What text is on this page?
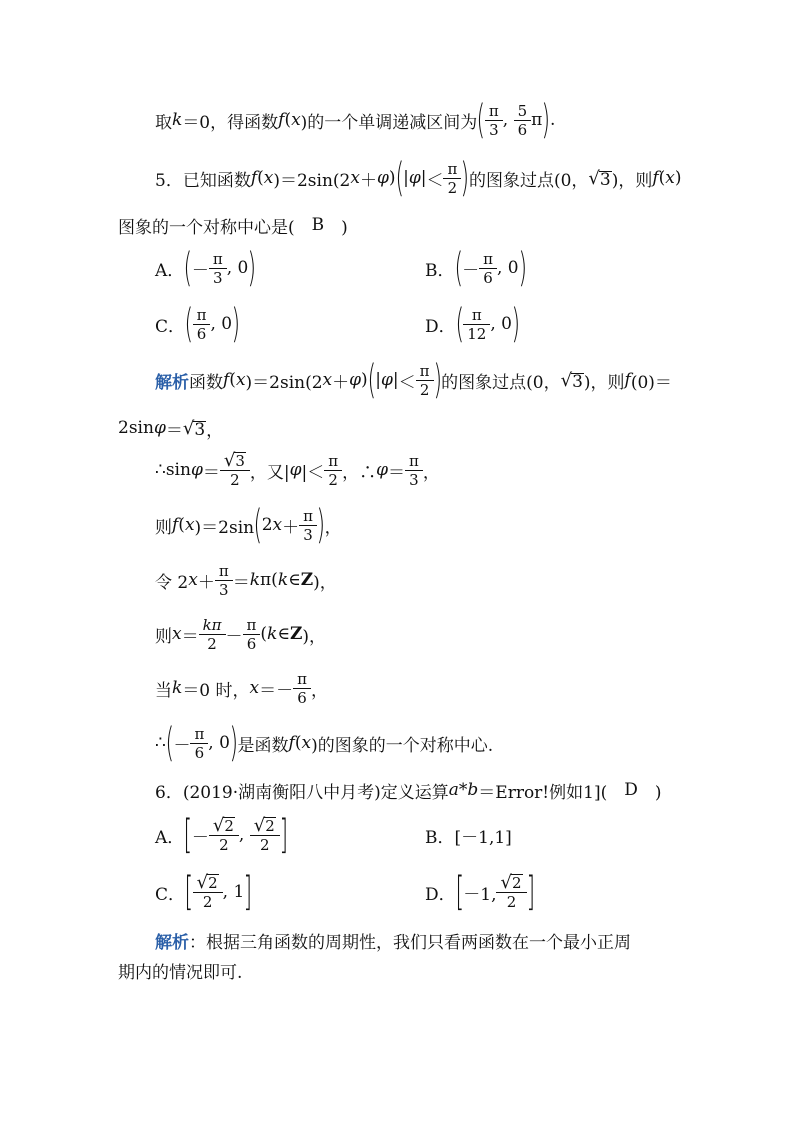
取 k ＝0，得函数 f ( x )的一个单调递减区间为 ( $\frac{\pi}{3}$ ,
$\frac{5}{6}$ π ) .
5．已知函数 f ( x )＝2sin(2 x ＋ φ ) ( $|\varphi| < \frac{\pi}{2}$ ) 的图象过点(0， √ 3 )，则 f ( x )
图象的一个对称中心是(　 B 　)
A． ( － $\frac{\pi}{3}$ , 0 )	B． ( － $\frac{\pi}{6}$ , 0 )
C． ( $\frac{\pi}{6}$ , 0 )	D． ( $\frac{\pi}{12}$ , 0 )
解析 函数 f ( x )＝2sin(2 x ＋ φ ) ( $|\varphi| < \frac{\pi}{2}$ ) 的图象过点(0， √ 3 )，则 f (0)＝
2sin φ ＝ √ 3 ，
∴sin $\varphi = \frac{√ 3}{2}$ ，又| φ |＜ $\frac{\pi}{2}$ ，∴ $\varphi = \frac{\pi}{3}$ ，
则 f ( x )＝2sin ( 2 $x + \frac{\pi}{3}$ ) ，
令 2 $x + \frac{\pi}{3} = k$ π( k ∈ Z )，
则 $x = \frac{k\pi}{2} - \frac{\pi}{6}$ ( k ∈ Z )，
当 k ＝0 时， $x =- \frac{\pi}{6}$ ，
∴ ( － $\frac{\pi}{6}$ , 0 ) 是函数 f ( x )的图象的一个对称中心.
6．(2019·湖南衡阳八中月考)定义运算 a * b ＝Error!例如1](　 D 　)
A． [ － $\frac{√ 2}{2}$ ,
$\frac{√ 2}{2}$ ]	B． [－1,1]
C． [ $\frac{√ 2}{2}$ , 1 ]	D． [ －1, $\frac{√ 2}{2}$ ]
解析 ：根据三角函数的周期性，我们只看两函数在一个最小正周
期内的情况即可.
